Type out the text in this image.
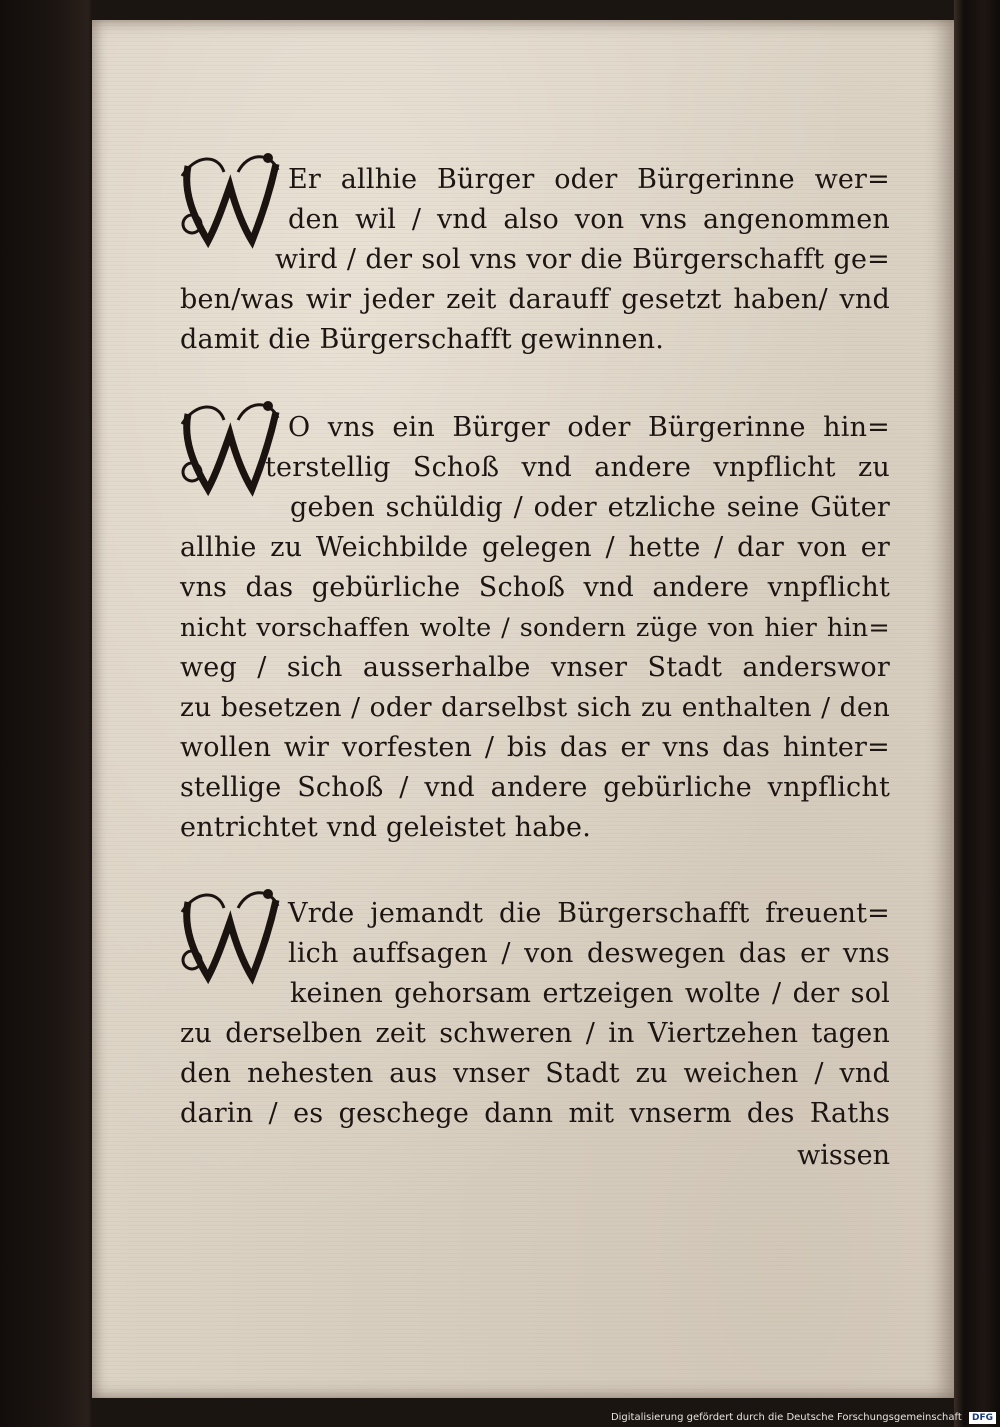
Er allhie Bürger oder Bürgerinne wer=
den wil / vnd also von vns angenommen
wird / der sol vns vor die Bürgerschafft ge=
ben/was wir jeder zeit darauff gesetzt haben/ vnd
damit die Bürgerschafft gewinnen.
O vns ein Bürger oder Bürgerinne hin=
terstellig Schoß vnd andere vnpflicht zu
geben schüldig / oder etzliche seine Güter
allhie zu Weichbilde gelegen / hette / dar von er
vns das gebürliche Schoß vnd andere vnpflicht
nicht vorschaffen wolte / sondern züge von hier hin=
weg / sich ausserhalbe vnser Stadt anderswor
zu besetzen / oder darselbst sich zu enthalten / den
wollen wir vorfesten / bis das er vns das hinter=
stellige Schoß / vnd andere gebürliche vnpflicht
entrichtet vnd geleistet habe.
Vrde jemandt die Bürgerschafft freuent=
lich auffsagen / von deswegen das er vns
keinen gehorsam ertzeigen wolte / der sol
zu derselben zeit schweren / in Viertzehen tagen
den nehesten aus vnser Stadt zu weichen / vnd
darin / es geschege dann mit vnserm des Raths
wissen
Digitalisierung gefördert durch die Deutsche Forschungsgemeinschaft DFG
